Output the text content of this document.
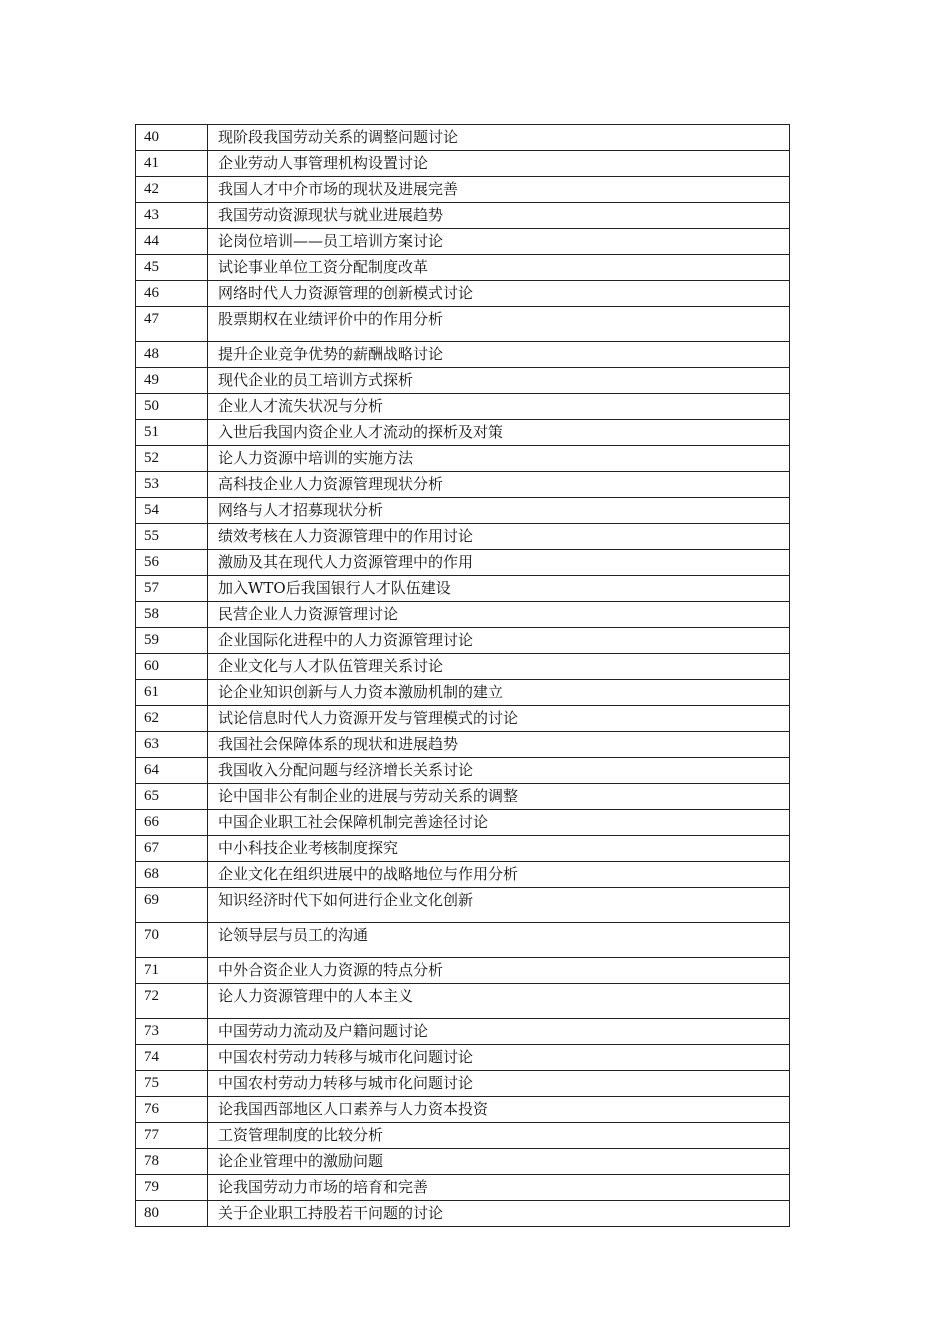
40	现阶段我国劳动关系的调整问题讨论
41	企业劳动人事管理机构设置讨论
42	我国人才中介市场的现状及进展完善
43	我国劳动资源现状与就业进展趋势
44	论岗位培训——员工培训方案讨论
45	试论事业单位工资分配制度改革
46	网络时代人力资源管理的创新模式讨论
47	股票期权在业绩评价中的作用分析
48	提升企业竞争优势的薪酬战略讨论
49	现代企业的员工培训方式探析
50	企业人才流失状况与分析
51	入世后我国内资企业人才流动的探析及对策
52	论人力资源中培训的实施方法
53	高科技企业人力资源管理现状分析
54	网络与人才招募现状分析
55	绩效考核在人力资源管理中的作用讨论
56	激励及其在现代人力资源管理中的作用
57	加入WTO后我国银行人才队伍建设
58	民营企业人力资源管理讨论
59	企业国际化进程中的人力资源管理讨论
60	企业文化与人才队伍管理关系讨论
61	论企业知识创新与人力资本激励机制的建立
62	试论信息时代人力资源开发与管理模式的讨论
63	我国社会保障体系的现状和进展趋势
64	我国收入分配问题与经济增长关系讨论
65	论中国非公有制企业的进展与劳动关系的调整
66	中国企业职工社会保障机制完善途径讨论
67	中小科技企业考核制度探究
68	企业文化在组织进展中的战略地位与作用分析
69	知识经济时代下如何进行企业文化创新
70	论领导层与员工的沟通
71	中外合资企业人力资源的特点分析
72	论人力资源管理中的人本主义
73	中国劳动力流动及户籍问题讨论
74	中国农村劳动力转移与城市化问题讨论
75	中国农村劳动力转移与城市化问题讨论
76	论我国西部地区人口素养与人力资本投资
77	工资管理制度的比较分析
78	论企业管理中的激励问题
79	论我国劳动力市场的培育和完善
80	关于企业职工持股若干问题的讨论
